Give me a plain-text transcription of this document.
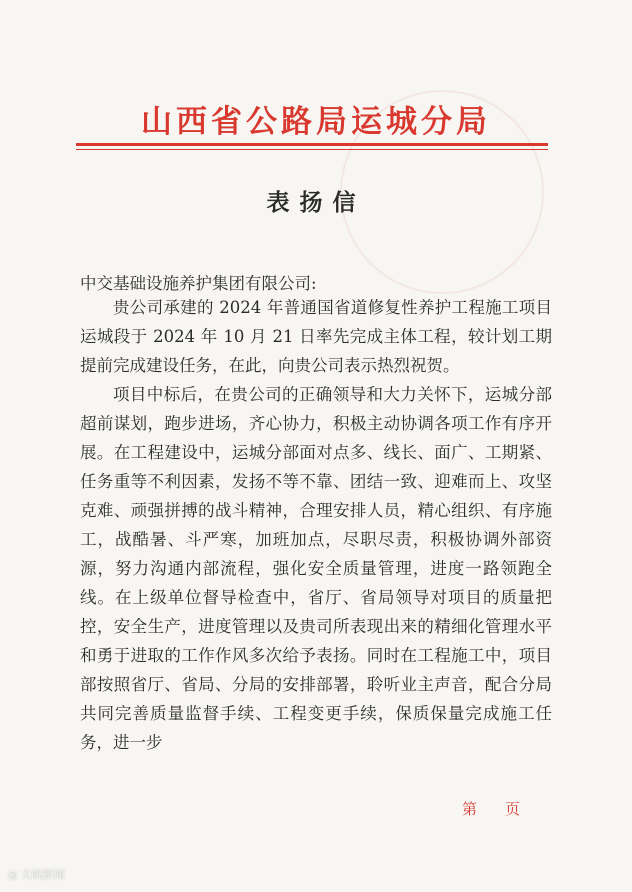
山西省公路局运城分局
表扬信
中交基础设施养护集团有限公司:

贵公司承建的 2024 年普通国省道修复性养护工程施工项目运城段于 2024 年 10 月 21 日率先完成主体工程，较计划工期提前完成建设任务，在此，向贵公司表示热烈祝贺。

项目中标后，在贵公司的正确领导和大力关怀下，运城分部超前谋划，跑步进场，齐心协力，积极主动协调各项工作有序开展。在工程建设中，运城分部面对点多、线长、面广、工期紧、任务重等不利因素，发扬不等不靠、团结一致、迎难而上、攻坚克难、顽强拼搏的战斗精神，合理安排人员，精心组织、有序施工，战酷暑、斗严寒，加班加点，尽职尽责，积极协调外部资源，努力沟通内部流程，强化安全质量管理，进度一路领跑全线。在上级单位督导检查中，省厅、省局领导对项目的质量把控，安全生产，进度管理以及贵司所表现出来的精细化管理水平和勇于进取的工作作风多次给予表扬。同时在工程施工中，项目部按照省厅、省局、分局的安排部署，聆听业主声音，配合分局共同完善质量监督手续、工程变更手续，保质保量完成施工任务，进一步

第 页
◎ 大皖新闻
